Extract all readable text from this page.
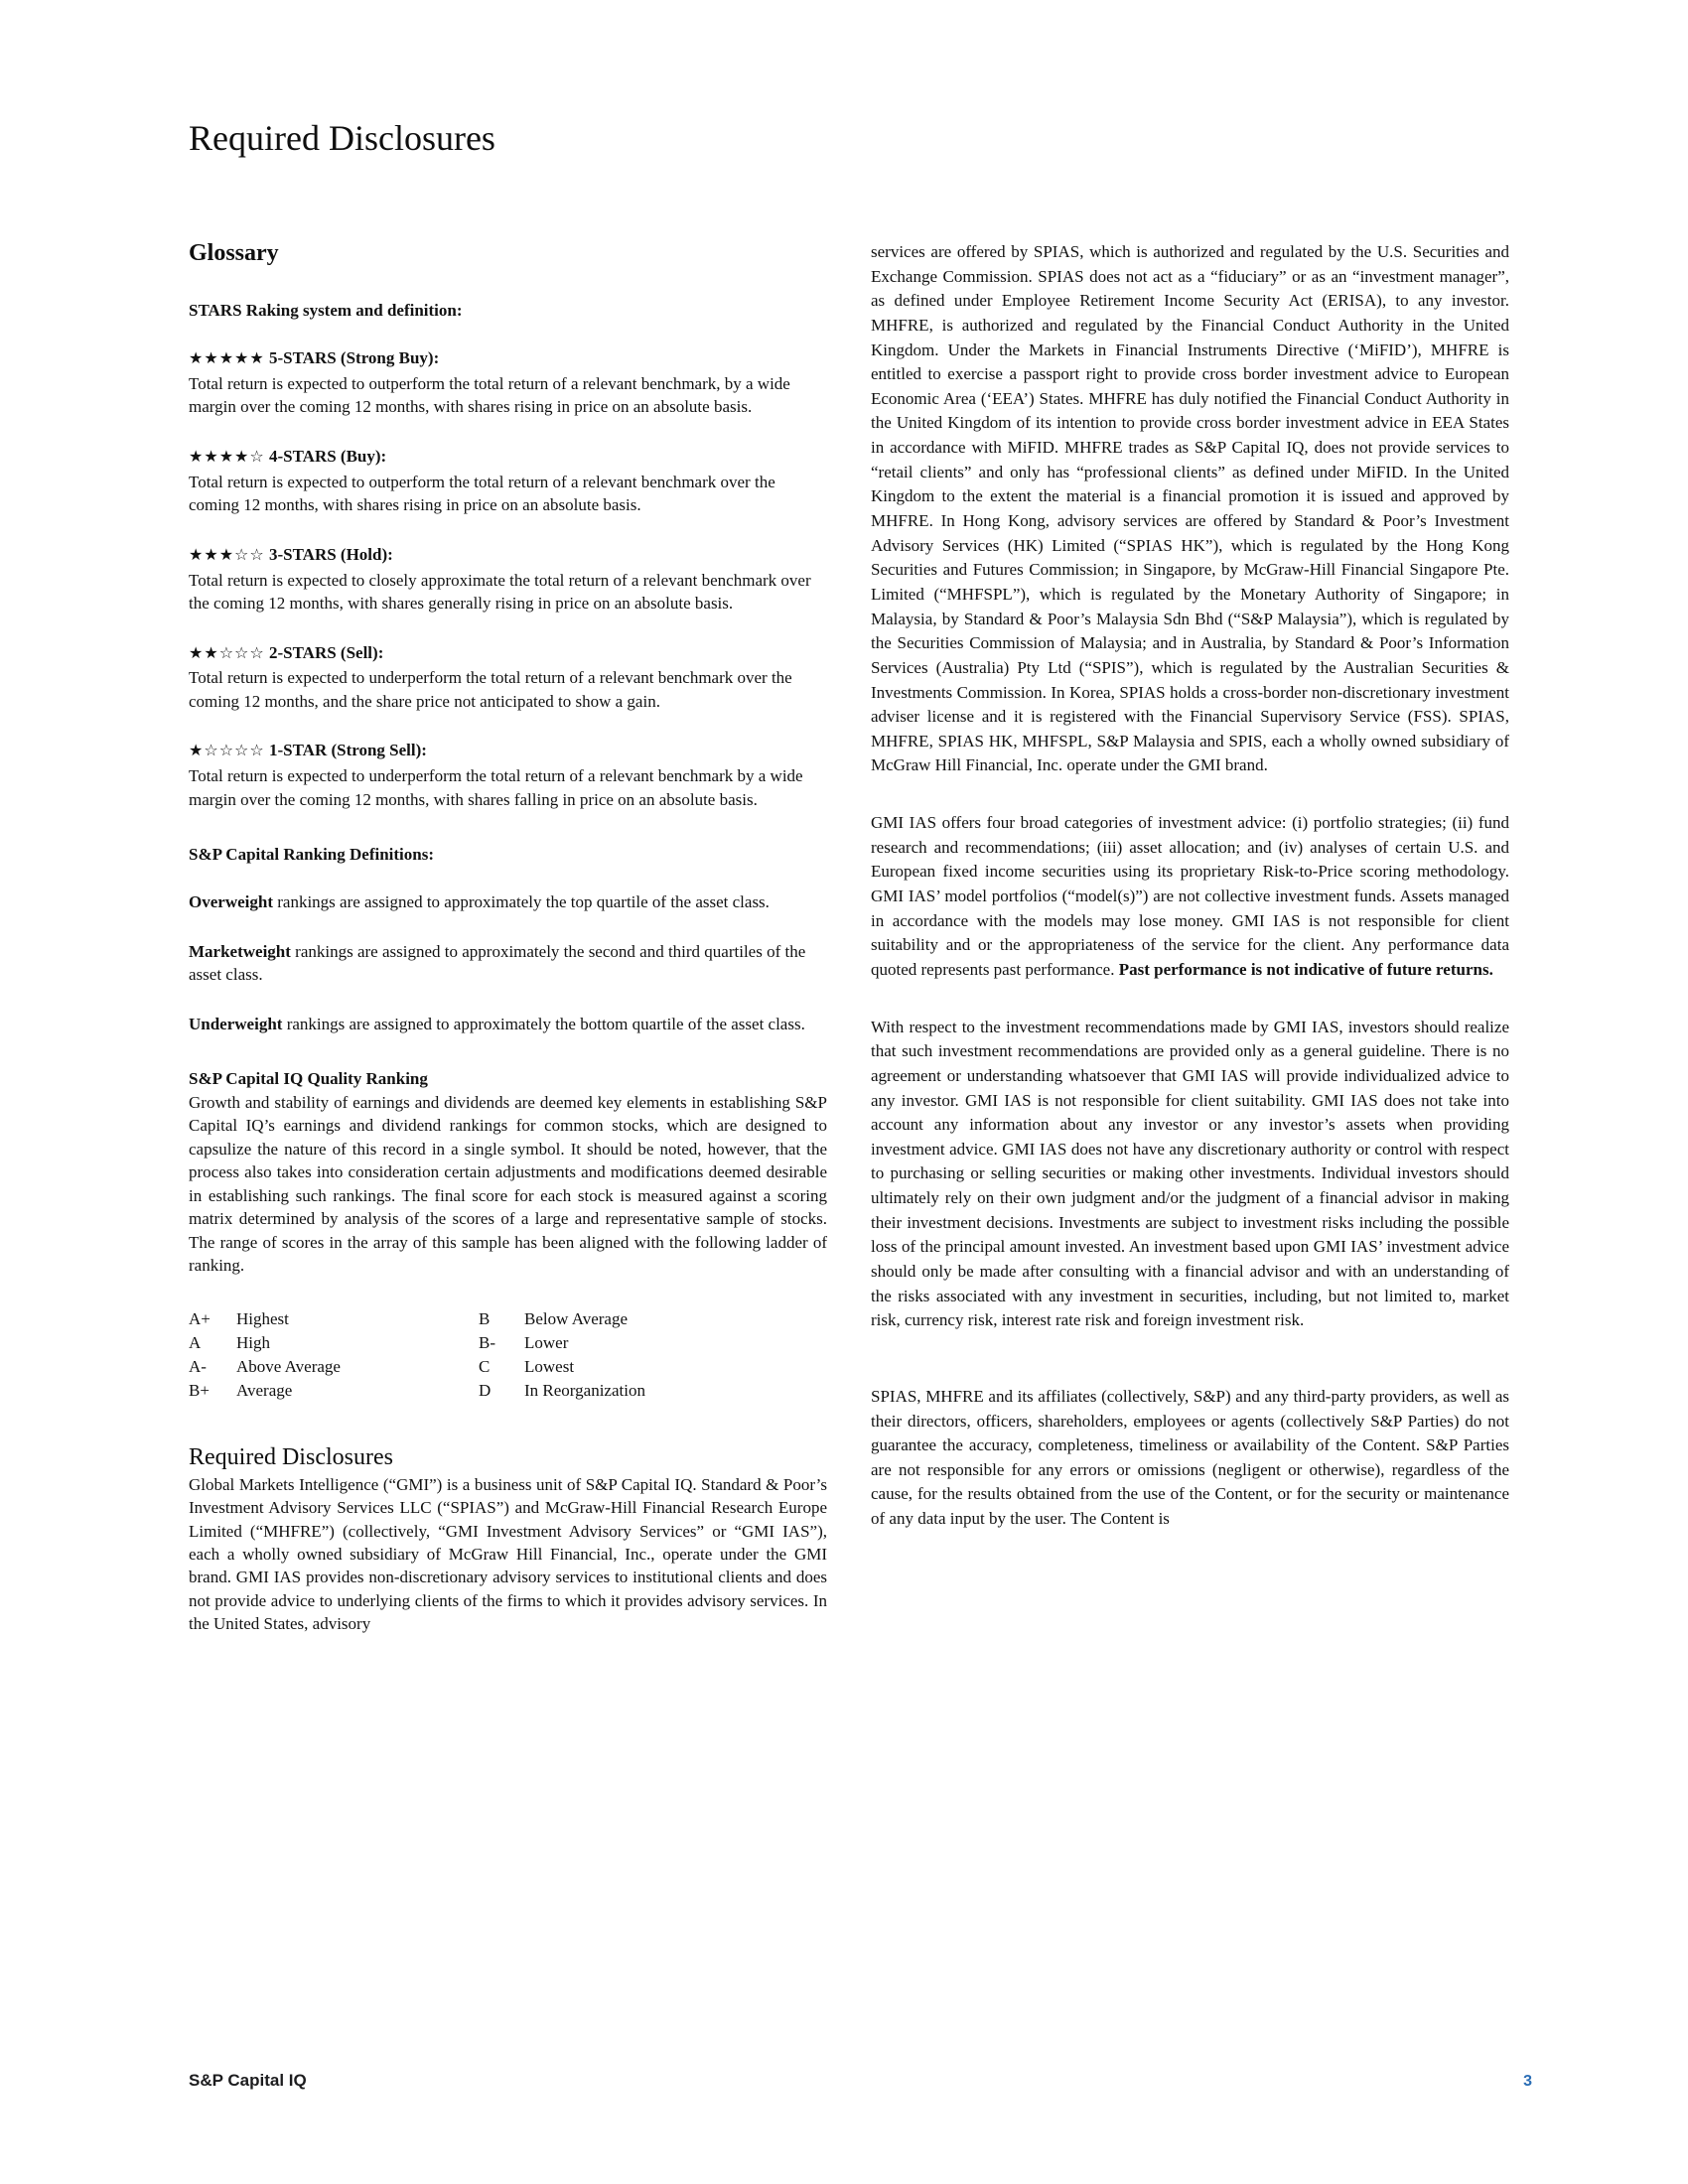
Required Disclosures
Glossary
STARS Raking system and definition:

★★★★★ 5-STARS (Strong Buy):

Total return is expected to outperform the total return of a relevant benchmark, by a wide margin over the coming 12 months, with shares rising in price on an absolute basis.

★★★★☆ 4-STARS (Buy):

Total return is expected to outperform the total return of a relevant benchmark over the coming 12 months, with shares rising in price on an absolute basis.

★★★☆☆ 3-STARS (Hold):

Total return is expected to closely approximate the total return of a relevant benchmark over the coming 12 months, with shares generally rising in price on an absolute basis.

★★☆☆☆ 2-STARS (Sell):

Total return is expected to underperform the total return of a relevant benchmark over the coming 12 months, and the share price not anticipated to show a gain.

★☆☆☆☆ 1-STAR (Strong Sell):

Total return is expected to underperform the total return of a relevant benchmark by a wide margin over the coming 12 months, with shares falling in price on an absolute basis.

S&P Capital Ranking Definitions:

Overweight rankings are assigned to approximately the top quartile of the asset class.

Marketweight rankings are assigned to approximately the second and third quartiles of the asset class.

Underweight rankings are assigned to approximately the bottom quartile of the asset class.

S&P Capital IQ Quality Ranking

Growth and stability of earnings and dividends are deemed key elements in establishing S&P Capital IQ’s earnings and dividend rankings for common stocks, which are designed to capsulize the nature of this record in a single symbol. It should be noted, however, that the process also takes into consideration certain adjustments and modifications deemed desirable in establishing such rankings. The final score for each stock is measured against a scoring matrix determined by analysis of the scores of a large and representative sample of stocks. The range of scores in the array of this sample has been aligned with the following ladder of ranking.

A+	Highest	B	Below Average
A	High	B-	Lower
A-	Above Average	C	Lowest
B+	Average	D	In Reorganization
Required Disclosures

Global Markets Intelligence (“GMI”) is a business unit of S&P Capital IQ. Standard & Poor’s Investment Advisory Services LLC (“SPIAS”) and McGraw-Hill Financial Research Europe Limited (“MHFRE”) (collectively, “GMI Investment Advisory Services” or “GMI IAS”), each a wholly owned subsidiary of McGraw Hill Financial, Inc., operate under the GMI brand. GMI IAS provides non-discretionary advisory services to institutional clients and does not provide advice to underlying clients of the firms to which it provides advisory services. In the United States, advisory

services are offered by SPIAS, which is authorized and regulated by the U.S. Securities and Exchange Commission. SPIAS does not act as a “fiduciary” or as an “investment manager”, as defined under Employee Retirement Income Security Act (ERISA), to any investor. MHFRE, is authorized and regulated by the Financial Conduct Authority in the United Kingdom. Under the Markets in Financial Instruments Directive (‘MiFID’), MHFRE is entitled to exercise a passport right to provide cross border investment advice to European Economic Area (‘EEA’) States. MHFRE has duly notified the Financial Conduct Authority in the United Kingdom of its intention to provide cross border investment advice in EEA States in accordance with MiFID. MHFRE trades as S&P Capital IQ, does not provide services to “retail clients” and only has “professional clients” as defined under MiFID. In the United Kingdom to the extent the material is a financial promotion it is issued and approved by MHFRE. In Hong Kong, advisory services are offered by Standard & Poor’s Investment Advisory Services (HK) Limited (“SPIAS HK”), which is regulated by the Hong Kong Securities and Futures Commission; in Singapore, by McGraw-Hill Financial Singapore Pte. Limited (“MHFSPL”), which is regulated by the Monetary Authority of Singapore; in Malaysia, by Standard & Poor’s Malaysia Sdn Bhd (“S&P Malaysia”), which is regulated by the Securities Commission of Malaysia; and in Australia, by Standard & Poor’s Information Services (Australia) Pty Ltd (“SPIS”), which is regulated by the Australian Securities & Investments Commission. In Korea, SPIAS holds a cross-border non-discretionary investment adviser license and it is registered with the Financial Supervisory Service (FSS). SPIAS, MHFRE, SPIAS HK, MHFSPL, S&P Malaysia and SPIS, each a wholly owned subsidiary of McGraw Hill Financial, Inc. operate under the GMI brand.

GMI IAS offers four broad categories of investment advice: (i) portfolio strategies; (ii) fund research and recommendations; (iii) asset allocation; and (iv) analyses of certain U.S. and European fixed income securities using its proprietary Risk-to-Price scoring methodology. GMI IAS’ model portfolios (“model(s)”) are not collective investment funds. Assets managed in accordance with the models may lose money. GMI IAS is not responsible for client suitability and or the appropriateness of the service for the client. Any performance data quoted represents past performance. Past performance is not indicative of future returns.

With respect to the investment recommendations made by GMI IAS, investors should realize that such investment recommendations are provided only as a general guideline. There is no agreement or understanding whatsoever that GMI IAS will provide individualized advice to any investor. GMI IAS is not responsible for client suitability. GMI IAS does not take into account any information about any investor or any investor’s assets when providing investment advice. GMI IAS does not have any discretionary authority or control with respect to purchasing or selling securities or making other investments. Individual investors should ultimately rely on their own judgment and/or the judgment of a financial advisor in making their investment decisions. Investments are subject to investment risks including the possible loss of the principal amount invested. An investment based upon GMI IAS’ investment advice should only be made after consulting with a financial advisor and with an understanding of the risks associated with any investment in securities, including, but not limited to, market risk, currency risk, interest rate risk and foreign investment risk.

SPIAS, MHFRE and its affiliates (collectively, S&P) and any third-party providers, as well as their directors, officers, shareholders, employees or agents (collectively S&P Parties) do not guarantee the accuracy, completeness, timeliness or availability of the Content. S&P Parties are not responsible for any errors or omissions (negligent or otherwise), regardless of the cause, for the results obtained from the use of the Content, or for the security or maintenance of any data input by the user. The Content is

S&P Capital IQ	3
